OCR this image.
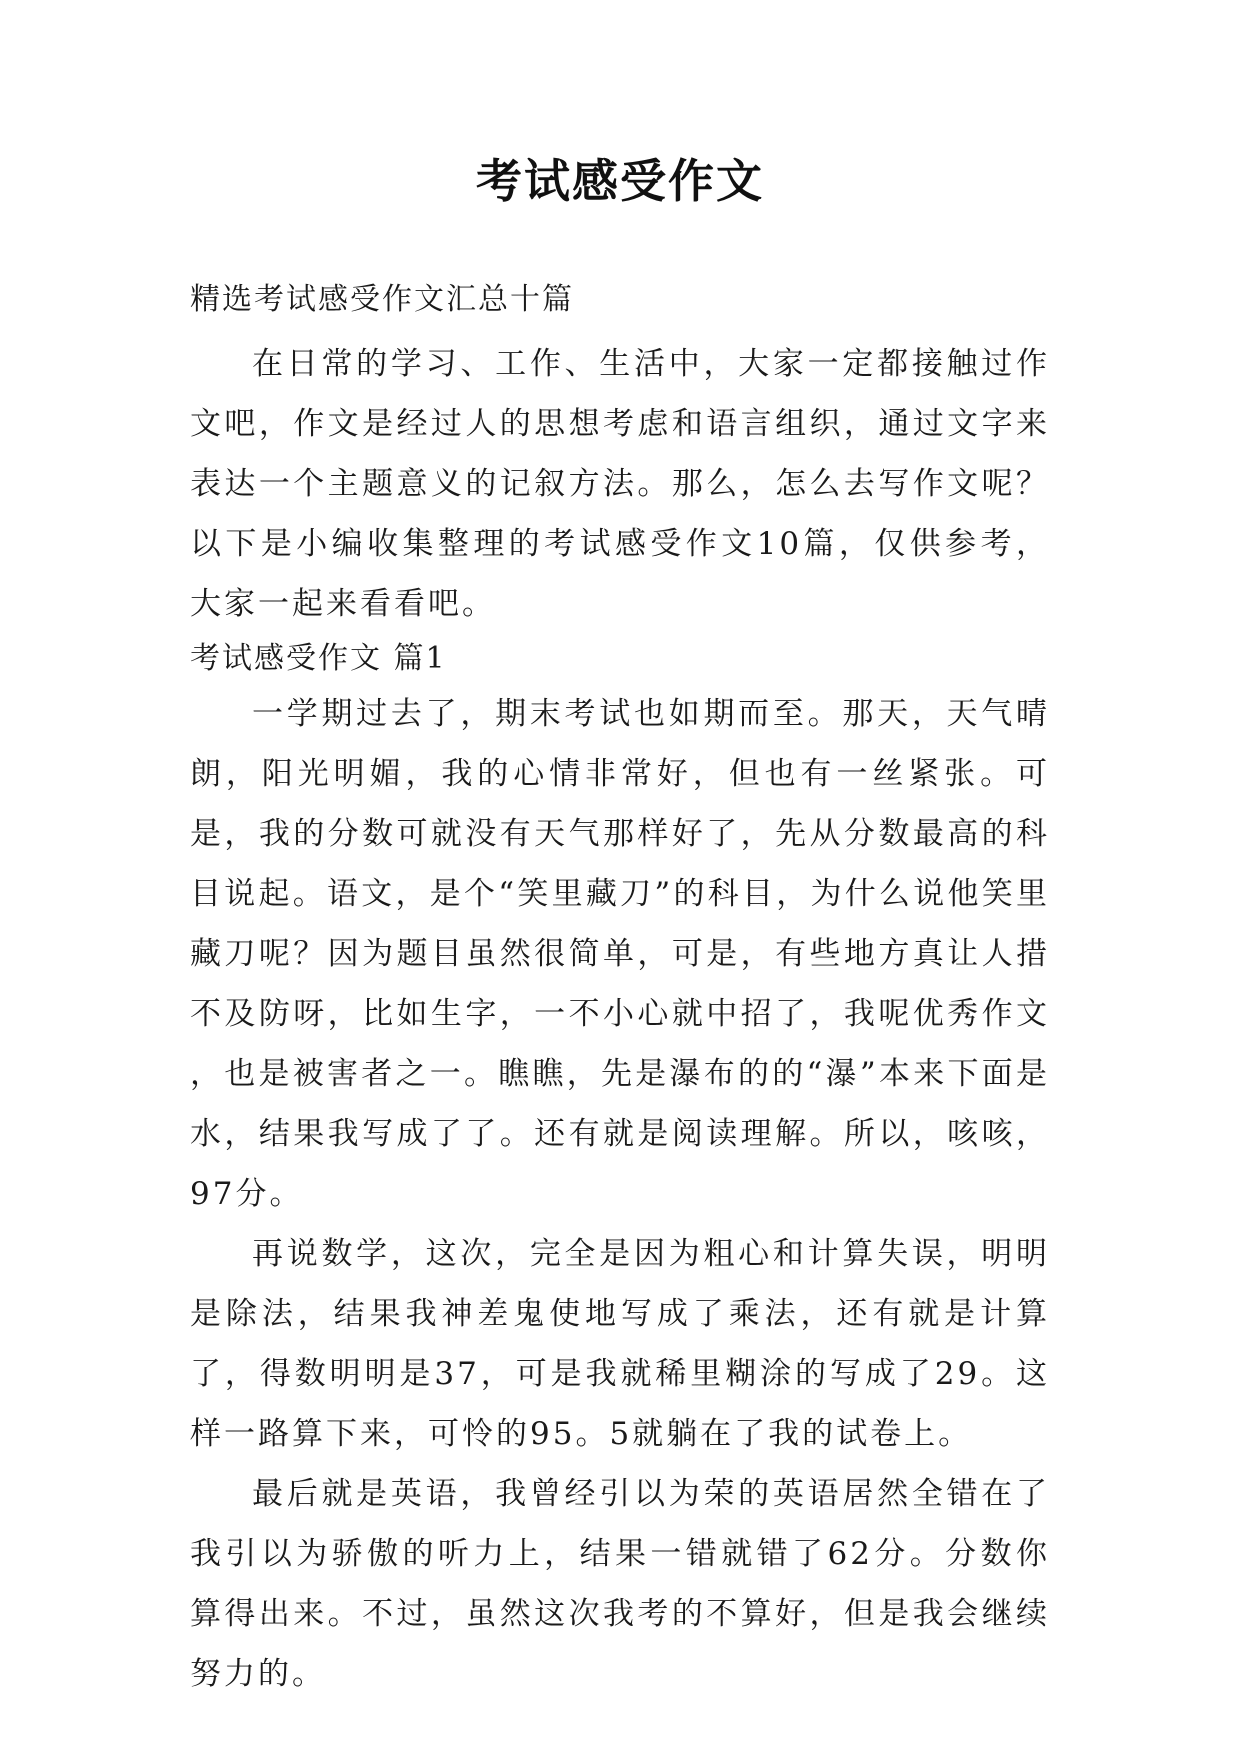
考试感受作文
精选考试感受作文汇总十篇

在日常的学习、工作、生活中，大家一定都接触过作文吧，作文是经过人的思想考虑和语言组织，通过文字来表达一个主题意义的记叙方法。那么，怎么去写作文呢？以下是小编收集整理的考试感受作文10篇，仅供参考，大家一起来看看吧。

考试感受作文 篇1

一学期过去了，期末考试也如期而至。那天，天气晴朗，阳光明媚，我的心情非常好，但也有一丝紧张。可是，我的分数可就没有天气那样好了，先从分数最高的科目说起。语文，是个“笑里藏刀”的科目，为什么说他笑里藏刀呢？因为题目虽然很简单，可是，有些地方真让人措不及防呀，比如生字，一不小心就中招了，我呢优秀作文 ，也是被害者之一。瞧瞧，先是瀑布的的“瀑”本来下面是水，结果我写成了了。还有就是阅读理解。所以，咳咳，97分。

再说数学，这次，完全是因为粗心和计算失误，明明是除法，结果我神差鬼使地写成了乘法，还有就是计算了，得数明明是37，可是我就稀里糊涂的写成了29。这样一路算下来，可怜的95。5就躺在了我的试卷上。

最后就是英语，我曾经引以为荣的英语居然全错在了我引以为骄傲的听力上，结果一错就错了62分。分数你算得出来。不过，虽然这次我考的不算好，但是我会继续努力的。
